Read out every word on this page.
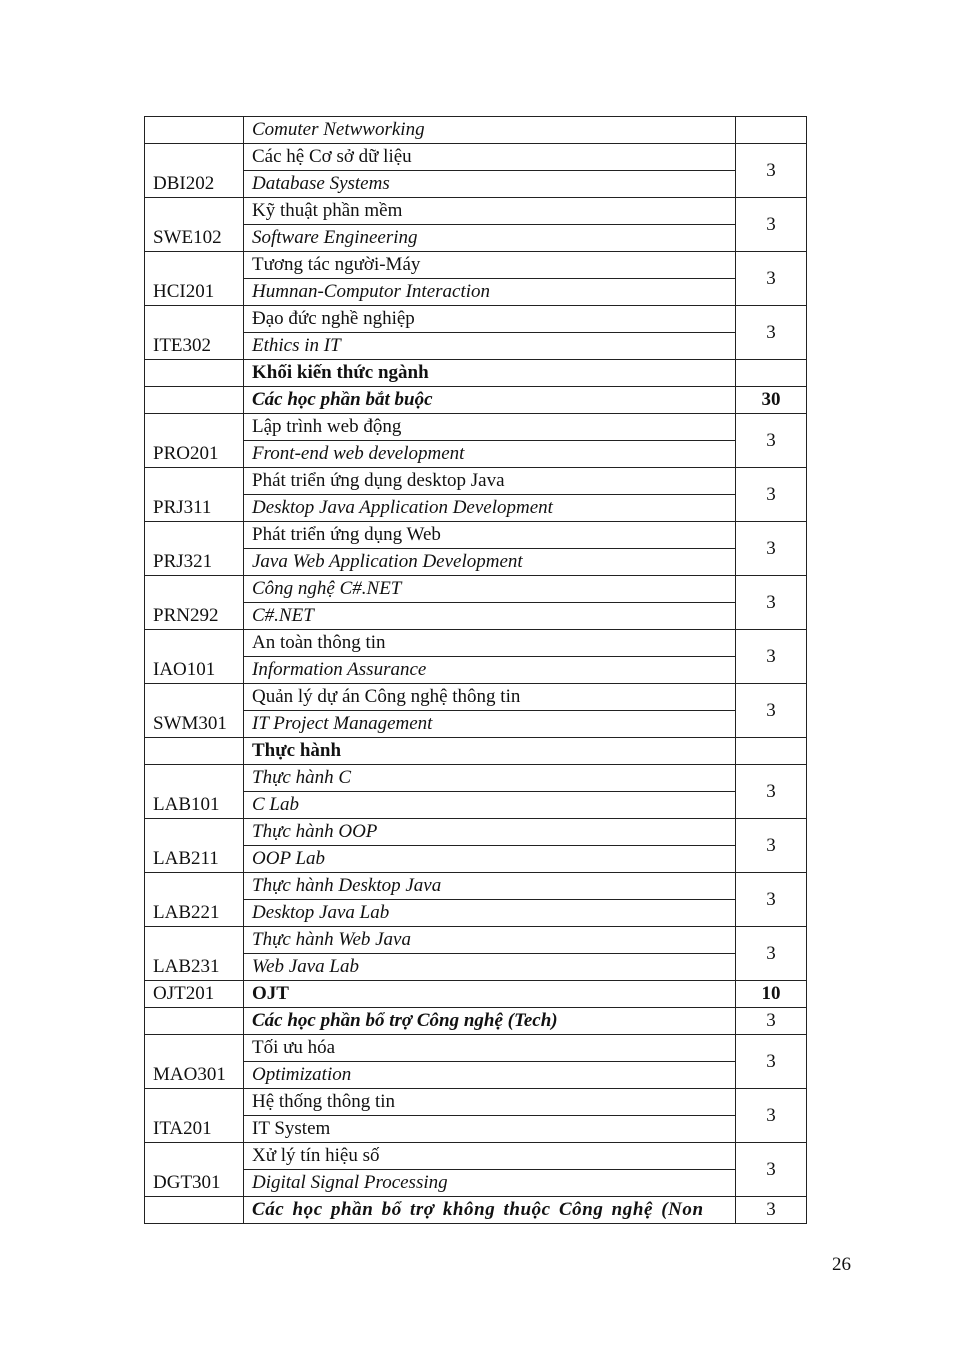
	Comuter Netwworking	
DBI202	Các hệ Cơ sở dữ liệu	3
	Database Systems	
SWE102	Kỹ thuật phần mềm	3
	Software Engineering	
HCI201	Tương tác người-Máy	3
	Humnan-Computor Interaction	
ITE302	Đạo đức nghề nghiệp	3
	Ethics in IT	
	Khối kiến thức ngành	
	Các học phần bắt buộc	30
PRO201	Lập trình web động	3
	Front-end web development	
PRJ311	Phát triển ứng dụng desktop Java	3
	Desktop Java Application Development	
PRJ321	Phát triển ứng dụng Web	3
	Java Web Application Development	
PRN292	Công nghệ C#.NET	3
	C#.NET	
IAO101	An toàn thông tin	3
	Information Assurance	
SWM301	Quản lý dự án Công nghệ thông tin	3
	IT Project Management	
	Thực hành	
LAB101	Thực hành C	3
	C Lab	
LAB211	Thực hành OOP	3
	OOP Lab	
LAB221	Thực hành Desktop Java	3
	Desktop Java Lab	
LAB231	Thực hành Web Java	3
	Web Java Lab	
OJT201	OJT	10
	Các học phần bổ trợ Công nghệ (Tech)	3
MAO301	Tối ưu hóa	3
	Optimization	
ITA201	Hệ thống thông tin	3
	IT System	
DGT301	Xử lý tín hiệu số	3
	Digital Signal Processing	
	Các học phần bổ trợ không thuộc Công nghệ (Non	3
26
